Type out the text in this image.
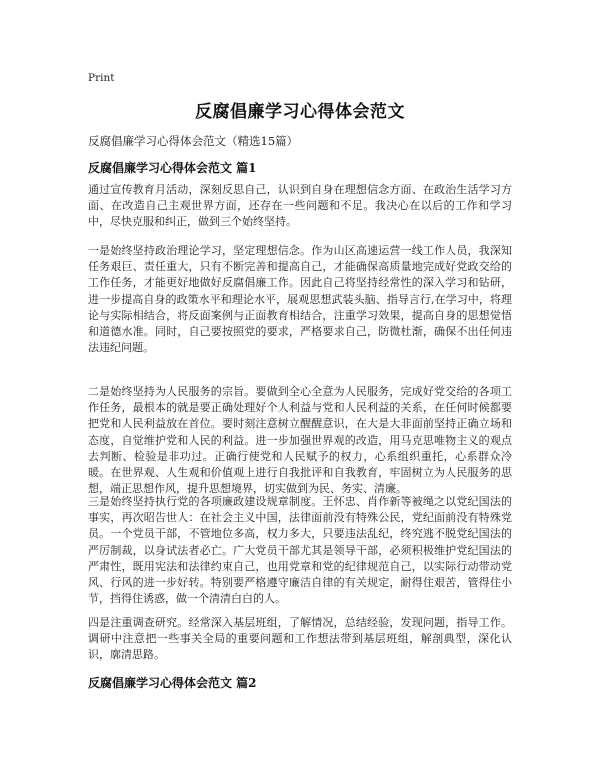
Print
反腐倡廉学习心得体会范文
反腐倡廉学习心得体会范文（精选15篇）
反腐倡廉学习心得体会范文 篇1

通过宣传教育月活动，深刻反思自己，认识到自身在理想信念方面、在政治生活学习方面、在改造自己主观世界方面，还存在一些问题和不足。我决心在以后的工作和学习中，尽快克服和纠正，做到三个始终坚持。

一是始终坚持政治理论学习，坚定理想信念。作为山区高速运营一线工作人员，我深知任务艰巨、责任重大，只有不断完善和提高自己，才能确保高质量地完成好党政交给的工作任务，才能更好地做好反腐倡廉工作。因此自己将坚持经常性的深入学习和钻研，进一步提高自身的政策水平和理论水平，展观思想武装头脑、指导言行,在学习中，将理论与实际相结合，将反面案例与正面教育相结合，注重学习效果，提高自身的思想觉悟和道德水准。同时，自己要按照党的要求，严格要求自己，防微杜渐，确保不出任何违法违纪问题。

二是始终坚持为人民服务的宗旨。要做到全心全意为人民服务，完成好党交给的各项工作任务，最根本的就是要正确处理好个人利益与党和人民利益的关系，在任何时候都要把党和人民利益放在首位。要时刻注意树立醒醒意识，在大是大非面前坚持正确立场和态度，自觉维护党和人民的利益。进一步加强世界观的改造，用马克思唯物主义的观点去判断、检验是非功过。正确行使党和人民赋予的权力，心系组织重托，心系群众冷暖。在世界观、人生观和价值观上进行自我批评和自我教育，牢固树立为人民服务的思想，端正思想作风，提升思想境界，切实做到为民、务实、清廉。

三是始终坚持执行党的各项廉政建设规章制度。王怀忠、肖作新等被绳之以党纪国法的事实，再次昭告世人：在社会主义中国，法律面前没有特殊公民，党纪面前没有特殊党员。一个党员干部，不管地位多高，权力多大，只要违法乱纪，终究逃不脱党纪国法的严厉制裁，以身试法者必亡。广大党员干部尤其是领导干部，必须积极维护党纪国法的严肃性，既用宪法和法律约束自己，也用党章和党的纪律规范自己，以实际行动带动党风、行风的进一步好转。特别要严格遵守廉洁自律的有关规定，耐得住艰苦，管得住小节，挡得住诱惑，做一个清清白白的人。

四是注重调查研究。经常深入基层班组，了解情况，总结经验，发现问题，指导工作。调研中注意把一些事关全局的重要问题和工作想法带到基层班组，解剖典型，深化认识，廓清思路。

反腐倡廉学习心得体会范文 篇2
